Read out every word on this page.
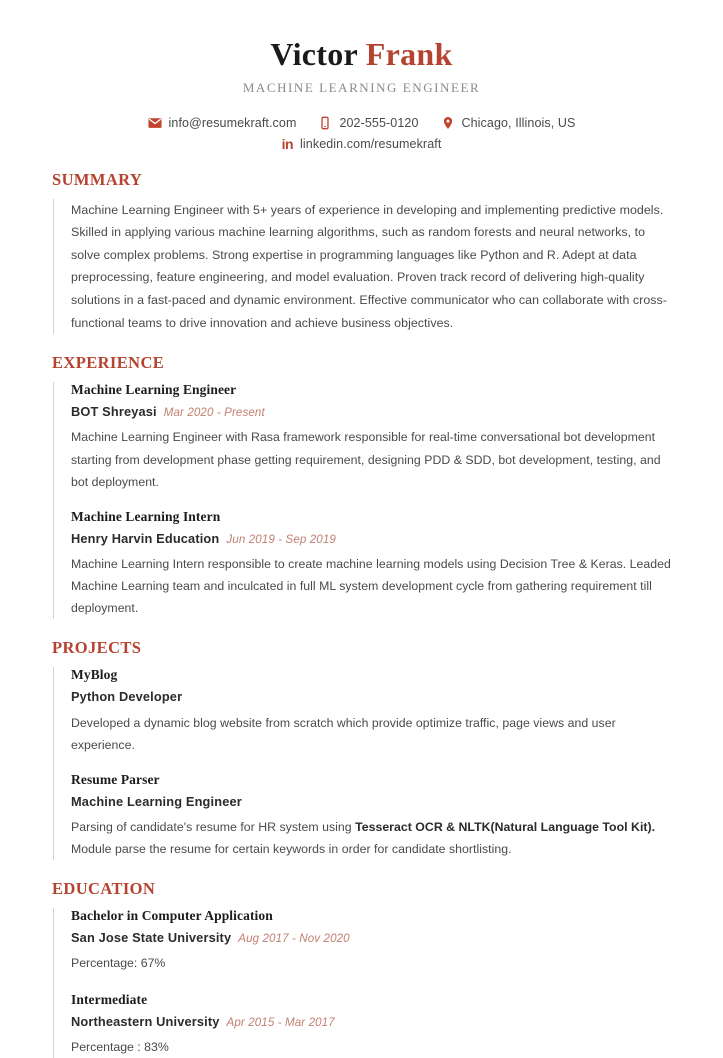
Victor Frank
MACHINE LEARNING ENGINEER
info@resumekraft.com	202-555-0120	Chicago, Illinois, US
in linkedin.com/resumekraft
SUMMARY

Machine Learning Engineer with 5+ years of experience in developing and implementing predictive models. Skilled in applying various machine learning algorithms, such as random forests and neural networks, to solve complex problems. Strong expertise in programming languages like Python and R. Adept at data preprocessing, feature engineering, and model evaluation. Proven track record of delivering high-quality solutions in a fast-paced and dynamic environment. Effective communicator who can collaborate with cross-functional teams to drive innovation and achieve business objectives.

EXPERIENCE
Machine Learning Engineer
BOT Shreyasi Mar 2020 - Present

Machine Learning Engineer with Rasa framework responsible for real-time conversational bot development starting from development phase getting requirement, designing PDD & SDD, bot development, testing, and bot deployment.

Machine Learning Intern
Henry Harvin Education Jun 2019 - Sep 2019

Machine Learning Intern responsible to create machine learning models using Decision Tree & Keras. Leaded Machine Learning team and inculcated in full ML system development cycle from gathering requirement till deployment.

PROJECTS
MyBlog
Python Developer

Developed a dynamic blog website from scratch which provide optimize traffic, page views and user experience.

Resume Parser
Machine Learning Engineer

Parsing of candidate's resume for HR system using Tesseract OCR & NLTK(Natural Language Tool Kit). Module parse the resume for certain keywords in order for candidate shortlisting.

EDUCATION
Bachelor in Computer Application
San Jose State University Aug 2017 - Nov 2020

Percentage: 67%

Intermediate
Northeastern University Apr 2015 - Mar 2017

Percentage : 83%
